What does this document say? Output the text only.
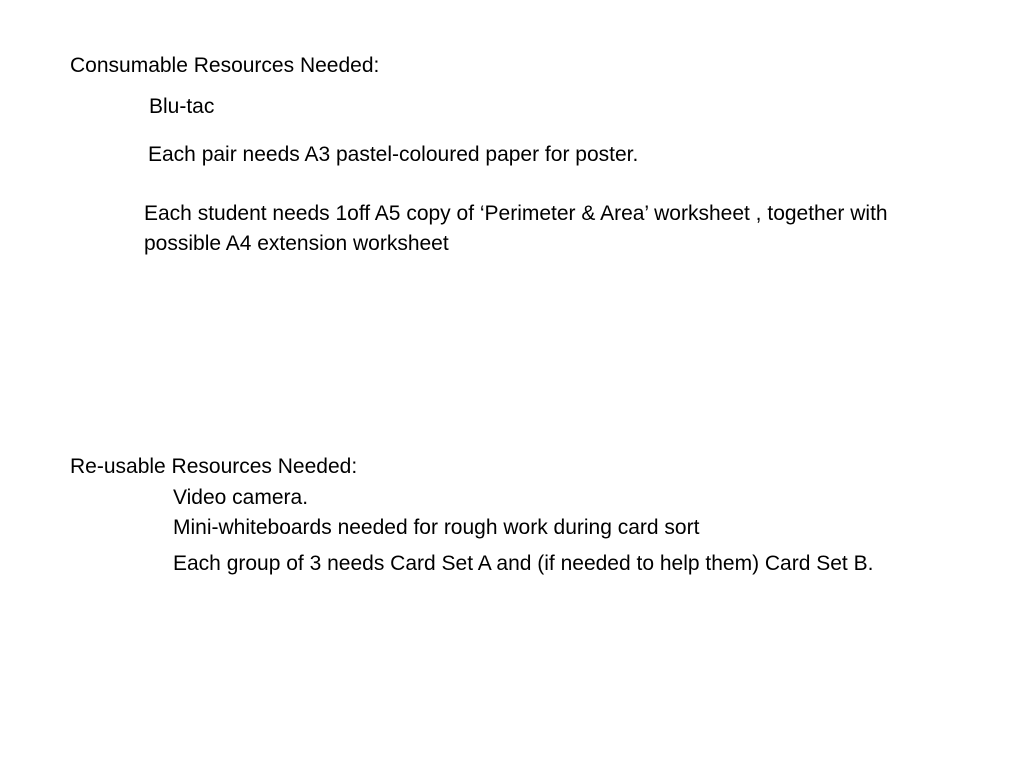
Consumable Resources Needed:
Blu-tac
Each pair needs A3 pastel-coloured paper for poster.
Each student needs 1off A5 copy of ‘Perimeter & Area’ worksheet , together with possible A4 extension worksheet
Re-usable Resources Needed:
Video camera.
Mini-whiteboards needed for rough work during card sort
Each group of 3 needs Card Set A and (if needed to help them) Card Set B.
